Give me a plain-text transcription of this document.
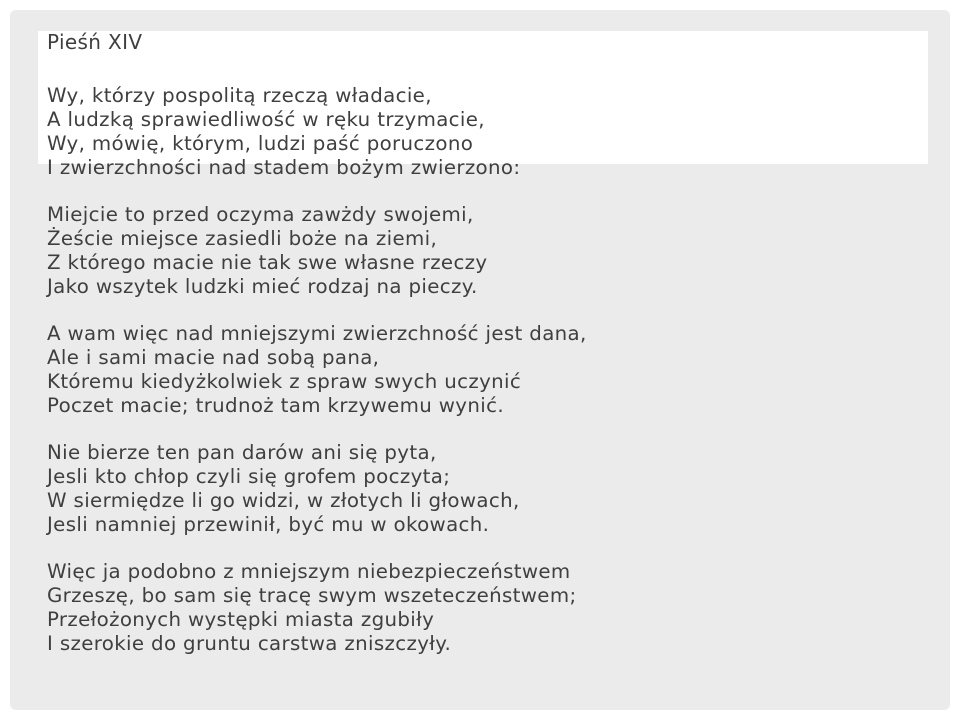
Pieśń XIV
Wy, którzy pospolitą rzeczą władacie,
A ludzką sprawiedliwość w ręku trzymacie,
Wy, mówię, którym, ludzi paść poruczono
I zwierzchności nad stadem bożym zwierzono:
Miejcie to przed oczyma zawżdy swojemi,
Żeście miejsce zasiedli boże na ziemi,
Z którego macie nie tak swe własne rzeczy
Jako wszytek ludzki mieć rodzaj na pieczy.
A wam więc nad mniejszymi zwierzchność jest dana,
Ale i sami macie nad sobą pana,
Któremu kiedyżkolwiek z spraw swych uczynić
Poczet macie; trudnoż tam krzywemu wynić.
Nie bierze ten pan darów ani się pyta,
Jesli kto chłop czyli się grofem poczyta;
W siermiędze li go widzi, w złotych li głowach,
Jesli namniej przewinił, być mu w okowach.
Więc ja podobno z mniejszym niebezpieczeństwem
Grzeszę, bo sam się tracę swym wszeteczeństwem;
Przełożonych występki miasta zgubiły
I szerokie do gruntu carstwa zniszczyły.
